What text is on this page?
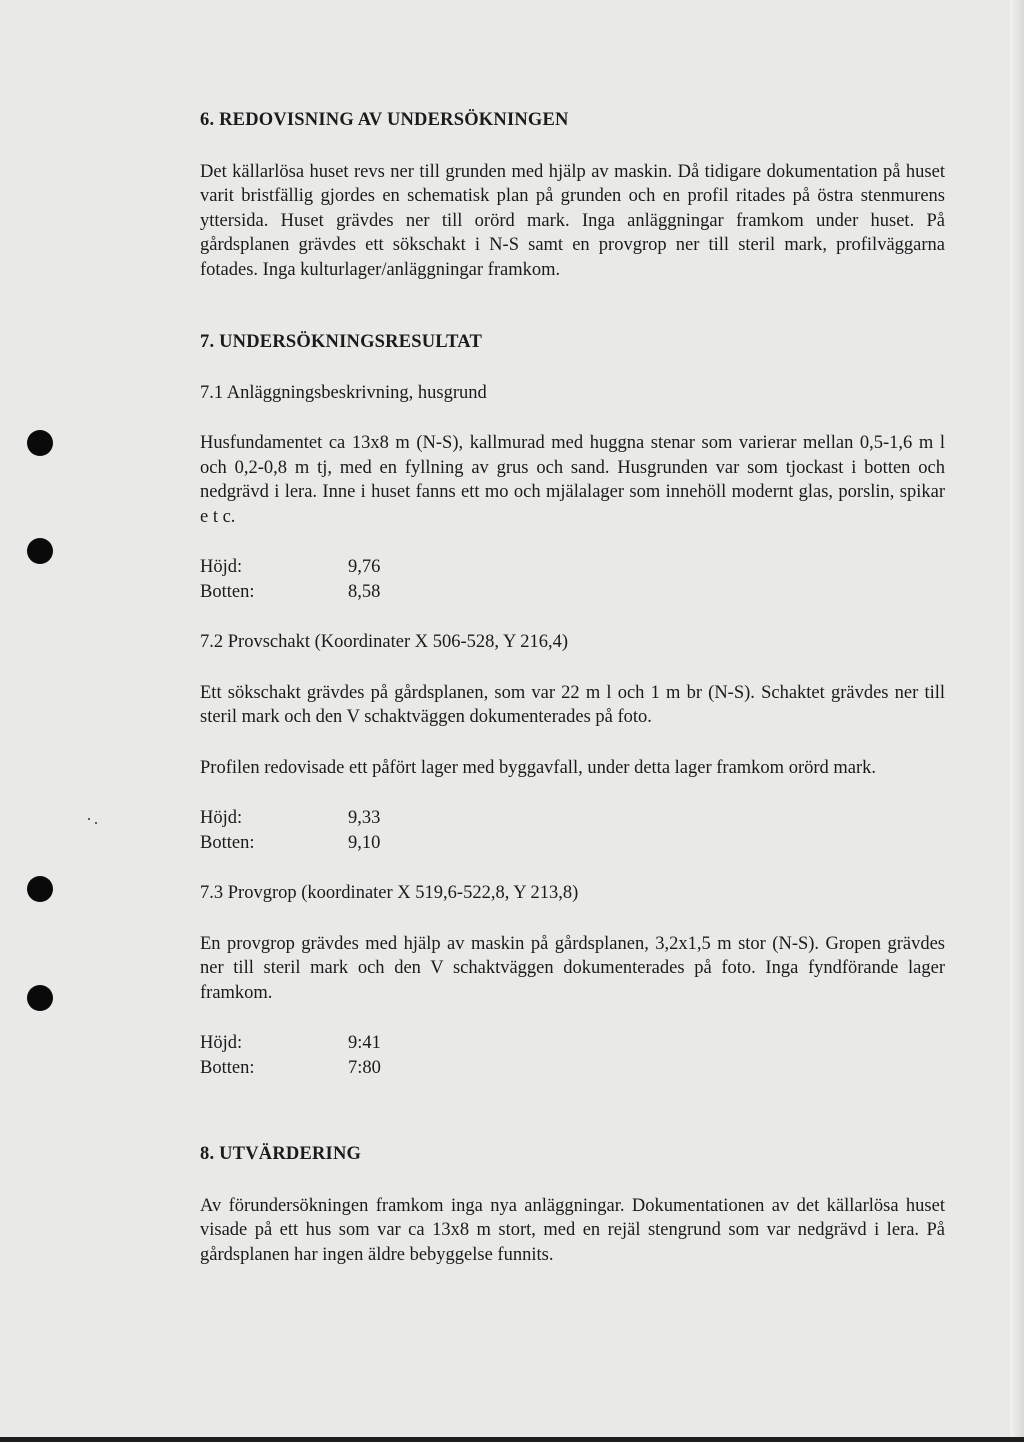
6. REDOVISNING AV UNDERSÖKNINGEN

Det källarlösa huset revs ner till grunden med hjälp av maskin. Då tidigare dokumentation på huset varit bristfällig gjordes en schematisk plan på grunden och en profil ritades på östra stenmurens yttersida. Huset grävdes ner till orörd mark. Inga anläggningar framkom under huset. På gårdsplanen grävdes ett sökschakt i N-S samt en provgrop ner till steril mark, profilväggarna fotades. Inga kulturlager/anläggningar framkom.

7. UNDERSÖKNINGSRESULTAT

7.1 Anläggningsbeskrivning, husgrund

Husfundamentet ca 13x8 m (N-S), kallmurad med huggna stenar som varierar mellan 0,5-1,6 m l och 0,2-0,8 m tj, med en fyllning av grus och sand. Husgrunden var som tjockast i botten och nedgrävd i lera. Inne i huset fanns ett mo och mjälalager som innehöll modernt glas, porslin, spikar e t c.

Höjd:	9,76
Botten:	8,58

7.2 Provschakt (Koordinater X 506-528, Y 216,4)

Ett sökschakt grävdes på gårdsplanen, som var 22 m l och 1 m br (N-S). Schaktet grävdes ner till steril mark och den V schaktväggen dokumenterades på foto.

Profilen redovisade ett påfört lager med byggavfall, under detta lager framkom orörd mark.

Höjd:	9,33
Botten:	9,10

7.3 Provgrop (koordinater X 519,6-522,8, Y 213,8)

En provgrop grävdes med hjälp av maskin på gårdsplanen, 3,2x1,5 m stor (N-S). Gropen grävdes ner till steril mark och den V schaktväggen dokumenterades på foto. Inga fyndförande lager framkom.

Höjd:	9:41
Botten:	7:80
8. UTVÄRDERING

Av förundersökningen framkom inga nya anläggningar. Dokumentationen av det källarlösa huset visade på ett hus som var ca 13x8 m stort, med en rejäl stengrund som var nedgrävd i lera. På gårdsplanen har ingen äldre bebyggelse funnits.
